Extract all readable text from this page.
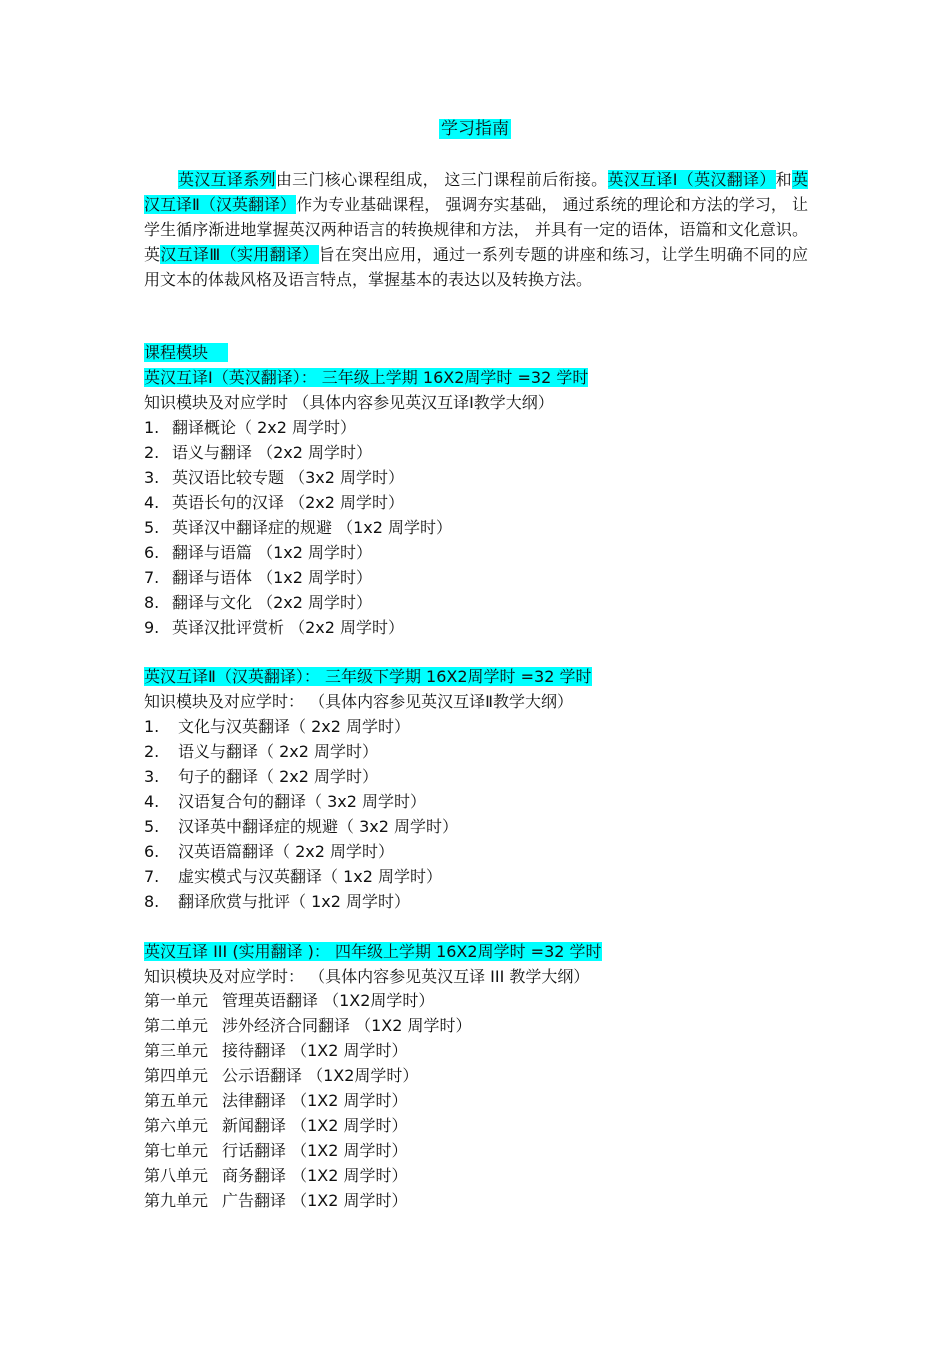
学习指南
英汉互译系列由三门核心课程组成， 这三门课程前后衔接。英汉互译Ⅰ（英汉翻译）和英汉互译Ⅱ（汉英翻译）作为专业基础课程， 强调夯实基础， 通过系统的理论和方法的学习， 让学生循序渐进地掌握英汉两种语言的转换规律和方法， 并具有一定的语体，语篇和文化意识。英汉互译Ⅲ（实用翻译）旨在突出应用，通过一系列专题的讲座和练习，让学生明确不同的应用文本的体裁风格及语言特点，掌握基本的表达以及转换方法。
课程模块
英汉互译Ⅰ（英汉翻译）： 三年级上学期 16X2周学时 =32 学时
知识模块及对应学时 （具体内容参见英汉互译Ⅰ教学大纲）
1. 翻译概论（ 2x2 周学时）
2. 语义与翻译 （2x2 周学时）
3. 英汉语比较专题 （3x2 周学时）
4. 英语长句的汉译 （2x2 周学时）
5. 英译汉中翻译症的规避 （1x2 周学时）
6. 翻译与语篇 （1x2 周学时）
7. 翻译与语体 （1x2 周学时）
8. 翻译与文化 （2x2 周学时）
9. 英译汉批评赏析 （2x2 周学时）
英汉互译Ⅱ（汉英翻译）： 三年级下学期 16X2周学时 =32 学时
知识模块及对应学时： （具体内容参见英汉互译Ⅱ教学大纲）
1. 文化与汉英翻译（ 2x2 周学时）
2. 语义与翻译（ 2x2 周学时）
3. 句子的翻译（ 2x2 周学时）
4. 汉语复合句的翻译（ 3x2 周学时）
5. 汉译英中翻译症的规避（ 3x2 周学时）
6. 汉英语篇翻译（ 2x2 周学时）
7. 虚实模式与汉英翻译（ 1x2 周学时）
8. 翻译欣赏与批评（ 1x2 周学时）
英汉互译 III (实用翻译 )： 四年级上学期 16X2周学时 =32 学时
知识模块及对应学时： （具体内容参见英汉互译 III 教学大纲）
第一单元 管理英语翻译 （1X2周学时）
第二单元 涉外经济合同翻译 （1X2 周学时）
第三单元 接待翻译 （1X2 周学时）
第四单元 公示语翻译 （1X2周学时）
第五单元 法律翻译 （1X2 周学时）
第六单元 新闻翻译 （1X2 周学时）
第七单元 行话翻译 （1X2 周学时）
第八单元 商务翻译 （1X2 周学时）
第九单元 广告翻译 （1X2 周学时）
